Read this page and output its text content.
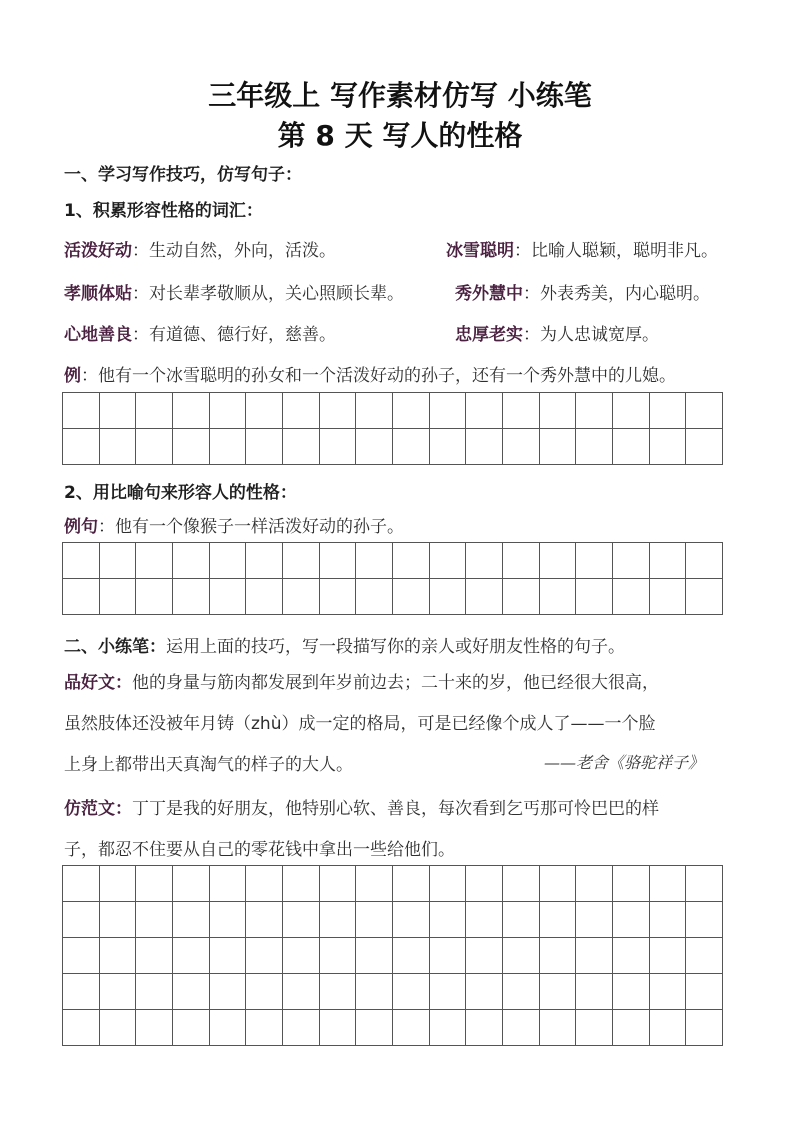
三年级上 写作素材仿写 小练笔
第 8 天 写人的性格
一、学习写作技巧，仿写句子：
1、积累形容性格的词汇：
活泼好动：生动自然，外向，活泼。	冰雪聪明：比喻人聪颖，聪明非凡。
孝顺体贴：对长辈孝敬顺从，关心照顾长辈。	秀外慧中：外表秀美，内心聪明。
心地善良：有道德、德行好，慈善。	忠厚老实：为人忠诚宽厚。
例：他有一个冰雪聪明的孙女和一个活泼好动的孙子，还有一个秀外慧中的儿媳。

2、用比喻句来形容人的性格：
例句：他有一个像猴子一样活泼好动的孙子。

二、小练笔：运用上面的技巧，写一段描写你的亲人或好朋友性格的句子。
品好文：他的身量与筋肉都发展到年岁前边去；二十来的岁，他已经很大很高，
虽然肢体还没被年月铸（zhù）成一定的格局，可是已经像个成人了——一个脸
上身上都带出天真淘气的样子的大人。	——老舍《骆驼祥子》
仿范文：丁丁是我的好朋友，他特别心软、善良，每次看到乞丐那可怜巴巴的样
子，都忍不住要从自己的零花钱中拿出一些给他们。
